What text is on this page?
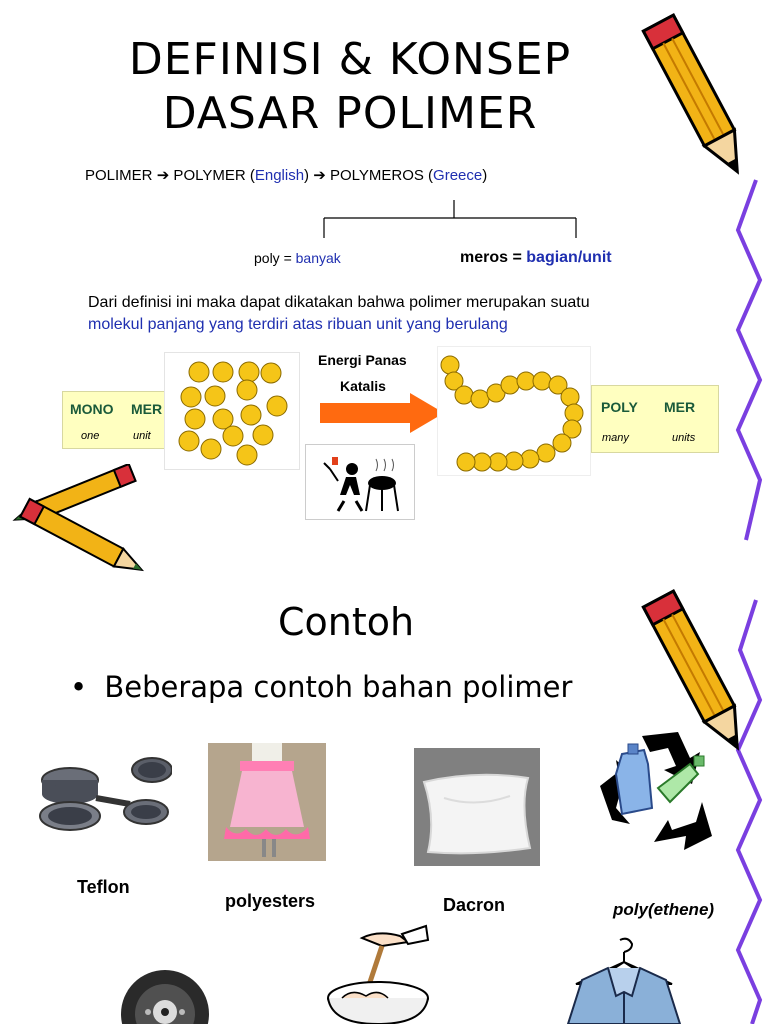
DEFINISI & KONSEP
DASAR POLIMER
POLIMER ➔ POLYMER (English) ➔ POLYMEROS (Greece)
poly = banyak	meros = bagian/unit
Dari definisi ini maka dapat dikatakan bahwa polimer merupakan suatu
molekul panjang yang terdiri atas ribuan unit yang berulang
MONO MER
one	unit
Energi Panas
Katalis
POLY MER
many	units
Contoh
• Beberapa contoh bahan polimer
Teflon
polyesters	Dacron	poly(ethene)
